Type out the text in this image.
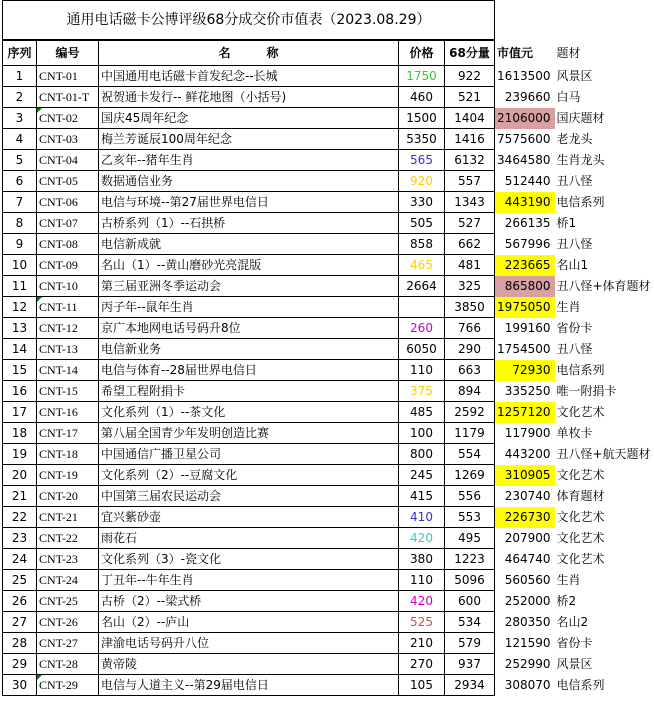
通用电话磁卡公博评级68分成交价市值表（2023.08.29）						
序列	编号	名　　　称	价格	68分量	市值元	题材
1	CNT-01	中国通用电话磁卡首发纪念--长城	1750	922	1613500	风景区
2	CNT-01-T	祝贺通卡发行-- 鲜花地图（小括号)	460	521	239660	白马
3	CNT-02	国庆45周年纪念	1500	1404	2106000	国庆题材
4	CNT-03	梅兰芳诞辰100周年纪念	5350	1416	7575600	老龙头
5	CNT-04	乙亥年--猪年生肖	565	6132	3464580	生肖龙头
6	CNT-05	数据通信业务	920	557	512440	丑八怪
7	CNT-06	电信与环境--第27届世界电信日	330	1343	443190	电信系列
8	CNT-07	古桥系列（1）--石拱桥	505	527	266135	桥1
9	CNT-08	电信新成就	858	662	567996	丑八怪
10	CNT-09	名山（1）--黄山磨砂光亮混版	465	481	223665	名山1
11	CNT-10	第三届亚洲冬季运动会	2664	325	865800	丑八怪+体育题材
12	CNT-11	丙子年--鼠年生肖		3850	1975050	生肖
13	CNT-12	京广本地网电话号码升8位	260	766	199160	省份卡
14	CNT-13	电信新业务	6050	290	1754500	丑八怪
15	CNT-14	电信与体育--28届世界电信日	110	663	72930	电信系列
16	CNT-15	希望工程附捐卡	375	894	335250	唯一附捐卡
17	CNT-16	文化系列（1）--茶文化	485	2592	1257120	文化艺术
18	CNT-17	第八届全国青少年发明创造比赛	100	1179	117900	单枚卡
19	CNT-18	中国通信广播卫星公司	800	554	443200	丑八怪+航天题材
20	CNT-19	文化系列（2）--豆腐文化	245	1269	310905	文化艺术
21	CNT-20	中国第三届农民运动会	415	556	230740	体育题材
22	CNT-21	宜兴紫砂壶	410	553	226730	文化艺术
23	CNT-22	雨花石	420	495	207900	文化艺术
24	CNT-23	文化系列（3）-瓷文化	380	1223	464740	文化艺术
25	CNT-24	丁丑年--牛年生肖	110	5096	560560	生肖
26	CNT-25	古桥（2）--梁式桥	420	600	252000	桥2
27	CNT-26	名山（2）--庐山	525	534	280350	名山2
28	CNT-27	津渝电话号码升八位	210	579	121590	省份卡
29	CNT-28	黄帝陵	270	937	252990	风景区
30	CNT-29	电信与人道主义--第29届电信日	105	2934	308070	电信系列
